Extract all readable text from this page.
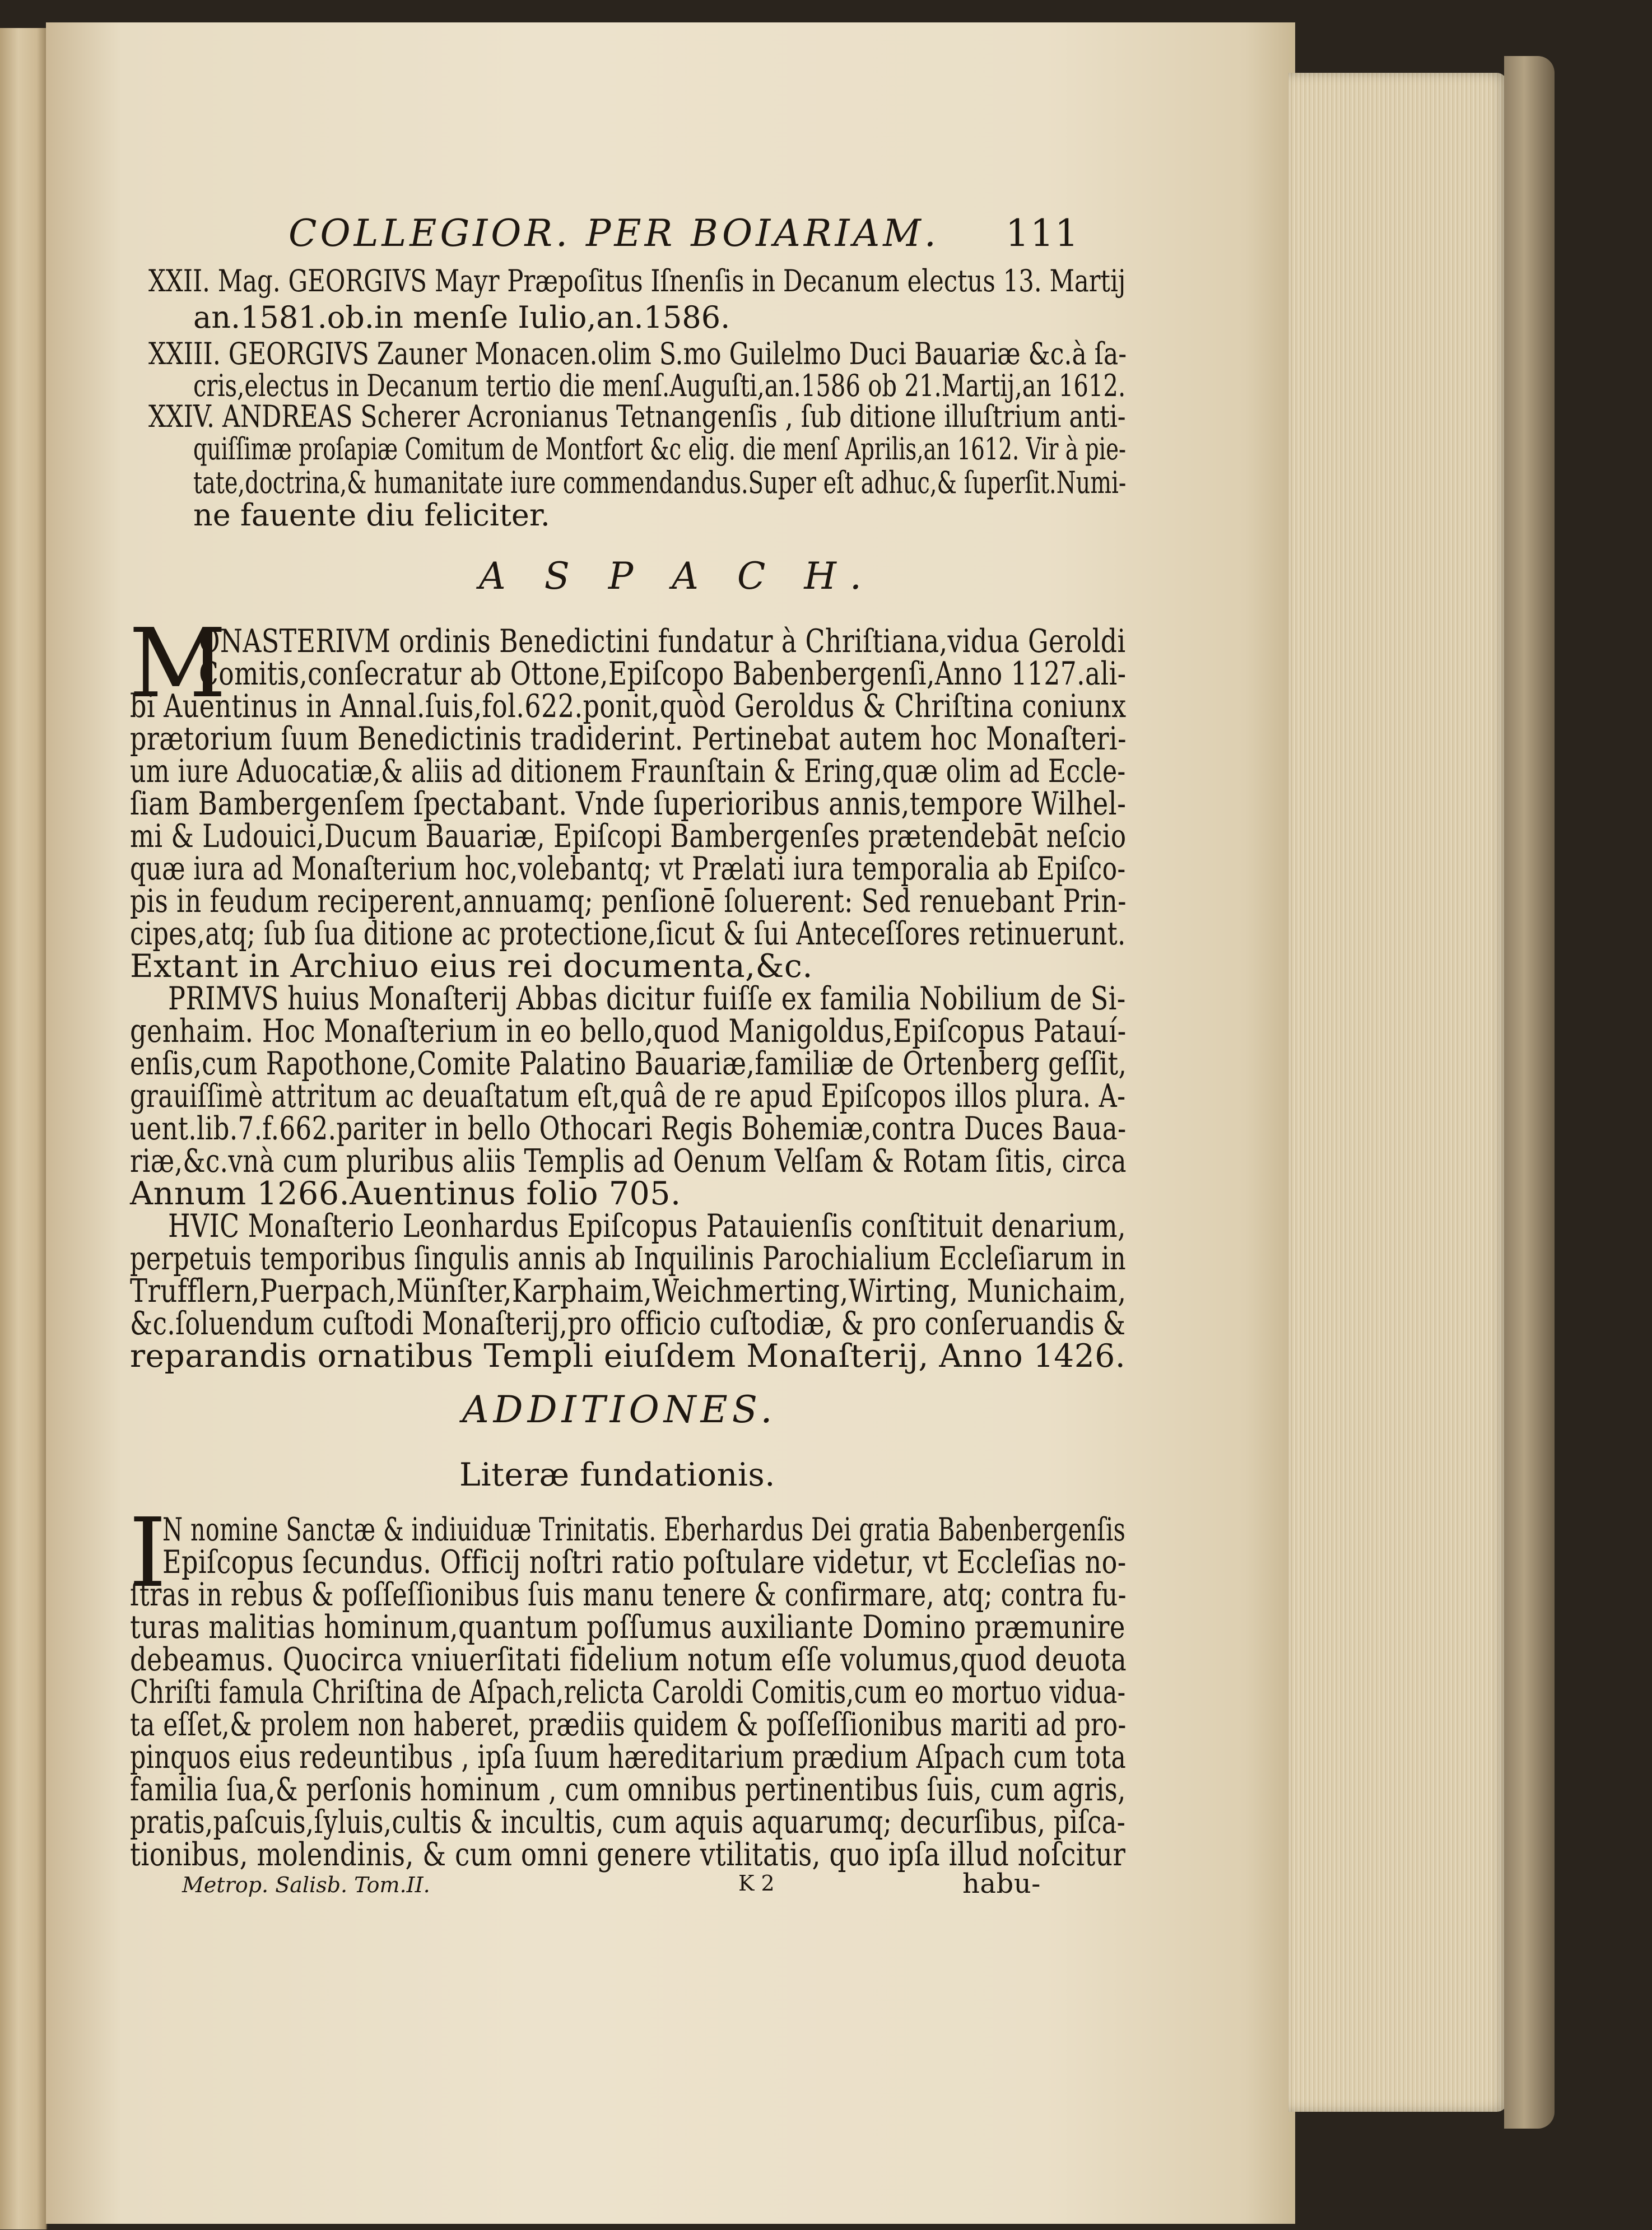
COLLEGIOR. PER BOIARIAM. 111
XXII. Mag. GEORGIVS Mayr Præpoſitus Iſnenſis in Decanum electus 13. Martij
an.1581.ob.in menſe Iulio,an.1586.
XXIII. GEORGIVS Zauner Monacen.olim S.mo Guilelmo Duci Bauariæ &c.à ſa-
cris,electus in Decanum tertio die menſ.Auguſti,an.1586 ob 21.Martij,an 1612.
XXIV. ANDREAS Scherer Acronianus Tetnangenſis , ſub ditione illuſtrium anti-
quiſſimæ proſapiæ Comitum de Montfort &c elig. die menſ Aprilis,an 1612. Vir à pie-
tate,doctrina,& humanitate iure commendandus.Super eſt adhuc,& ſuperſit.Numi-
ne fauente diu feliciter.
A S P A C H.
M
ONASTERIVM ordinis Benedictini fundatur à Chriſtiana,vidua Geroldi
Comitis,conſecratur ab Ottone,Epiſcopo Babenbergenſi,Anno 1127.ali-
bi Auentinus in Annal.ſuis,fol.622.ponit,quòd Geroldus & Chriſtina coniunx
prætorium ſuum Benedictinis tradiderint. Pertinebat autem hoc Monaſteri-
um iure Aduocatiæ,& aliis ad ditionem Fraunſtain & Ering,quæ olim ad Eccle-
ſiam Bambergenſem ſpectabant. Vnde ſuperioribus annis,tempore Wilhel-
mi & Ludouici,Ducum Bauariæ, Epiſcopi Bambergenſes prætendebāt neſcio
quæ iura ad Monaſterium hoc,volebantq; vt Prælati iura temporalia ab Epiſco-
pis in feudum reciperent,annuamq; penſionē ſoluerent: Sed renuebant Prin-
cipes,atq; ſub ſua ditione ac protectione,ſicut & ſui Anteceſſores retinuerunt.
Extant in Archiuo eius rei documenta,&c.
PRIMVS huius Monaſterij Abbas dicitur fuiſſe ex familia Nobilium de Si-
genhaim. Hoc Monaſterium in eo bello,quod Manigoldus,Epiſcopus Patauí-
enſis,cum Rapothone,Comite Palatino Bauariæ,familiæ de Ortenberg geſſit,
grauiſſimè attritum ac deuaſtatum eſt,quâ de re apud Epiſcopos illos plura. A-
uent.lib.7.f.662.pariter in bello Othocari Regis Bohemiæ,contra Duces Baua-
riæ,&c.vnà cum pluribus aliis Templis ad Oenum Velſam & Rotam ſitis, circa
Annum 1266.Auentinus folio 705.
HVIC Monaſterio Leonhardus Epiſcopus Patauienſis conſtituit denarium,
perpetuis temporibus ſingulis annis ab Inquilinis Parochialium Eccleſiarum in
Trufflern,Puerpach,Münſter,Karphaim,Weichmerting,Wirting, Munichaim,
&c.ſoluendum cuſtodi Monaſterij,pro officio cuſtodiæ, & pro conſeruandis &
reparandis ornatibus Templi eiuſdem Monaſterij, Anno 1426.
ADDITIONES.
Literæ fundationis.
I
N nomine Sanctæ & indiuiduæ Trinitatis. Eberhardus Dei gratia Babenbergenſis
Epiſcopus ſecundus. Officij noſtri ratio poſtulare videtur, vt Eccleſias no-
ſtras in rebus & poſſeſſionibus ſuis manu tenere & confirmare, atq; contra fu-
turas malitias hominum,quantum poſſumus auxiliante Domino præmunire
debeamus. Quocirca vniuerſitati fidelium notum eſſe volumus,quod deuota
Chriſti famula Chriſtina de Aſpach,relicta Caroldi Comitis,cum eo mortuo vidua-
ta eſſet,& prolem non haberet, prædiis quidem & poſſeſſionibus mariti ad pro-
pinquos eius redeuntibus , ipſa ſuum hæreditarium prædium Aſpach cum tota
familia ſua,& perſonis hominum , cum omnibus pertinentibus ſuis, cum agris,
pratis,paſcuis,ſyluis,cultis & incultis, cum aquis aquarumq; decurſibus, piſca-
tionibus, molendinis, & cum omni genere vtilitatis, quo ipſa illud noſcitur
Metrop. Salisb. Tom.II.	K 2	habu-
